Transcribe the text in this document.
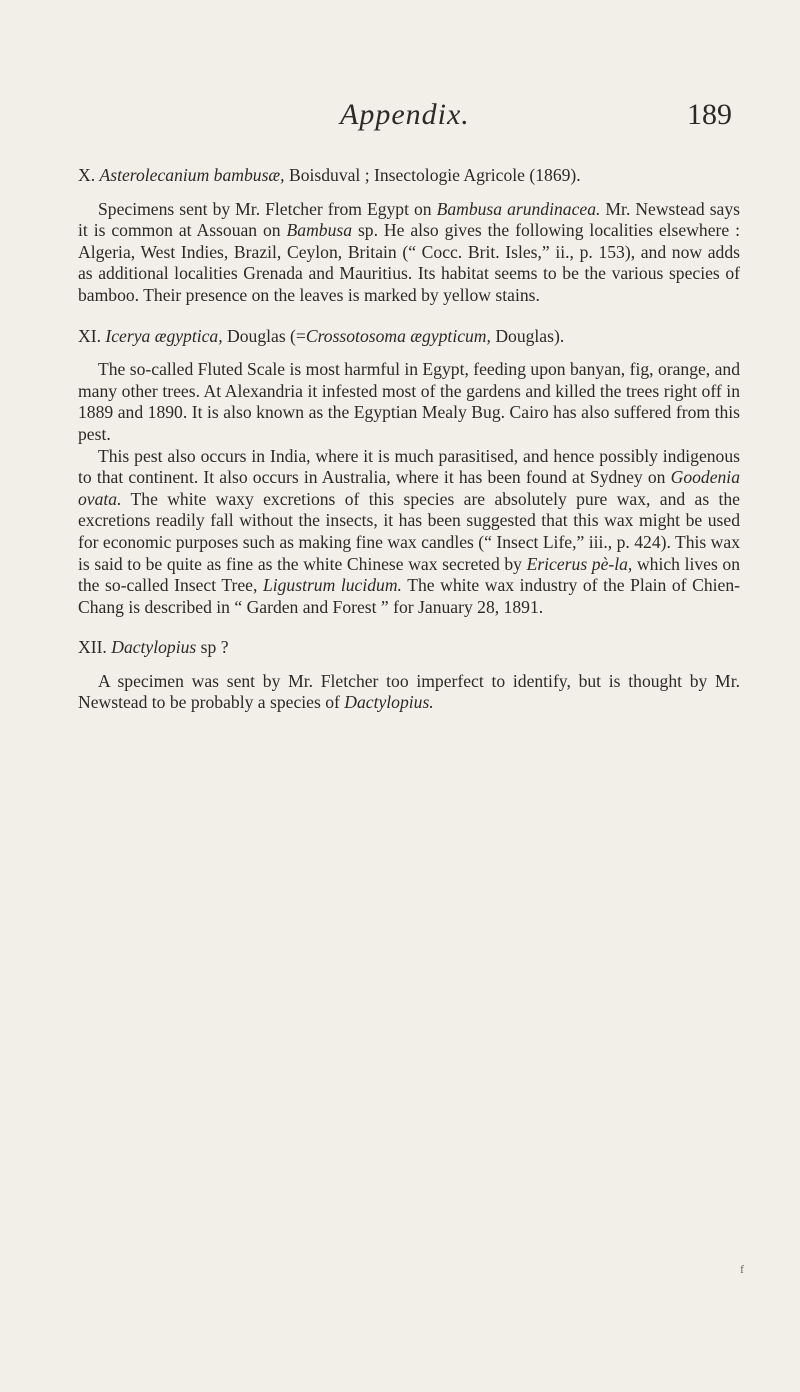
Appendix.	189

X. Asterolecanium bambusæ, Boisduval ; Insectologie Agricole (1869).

Specimens sent by Mr. Fletcher from Egypt on Bambusa arundinacea. Mr. Newstead says it is common at Assouan on Bambusa sp. He also gives the following localities elsewhere : Algeria, West Indies, Brazil, Ceylon, Britain (“ Cocc. Brit. Isles,” ii., p. 153), and now adds as additional localities Grenada and Mauritius. Its habitat seems to be the various species of bamboo. Their presence on the leaves is marked by yellow stains.

XI. Icerya ægyptica, Douglas (=Crossotosoma ægypticum, Douglas).

The so-called Fluted Scale is most harmful in Egypt, feeding upon banyan, fig, orange, and many other trees. At Alexandria it infested most of the gardens and killed the trees right off in 1889 and 1890. It is also known as the Egyptian Mealy Bug. Cairo has also suffered from this pest.

This pest also occurs in India, where it is much parasitised, and hence possibly indigenous to that continent. It also occurs in Australia, where it has been found at Sydney on Goodenia ovata. The white waxy excretions of this species are absolutely pure wax, and as the excretions readily fall without the insects, it has been suggested that this wax might be used for economic purposes such as making fine wax candles (“ Insect Life,” iii., p. 424). This wax is said to be quite as fine as the white Chinese wax secreted by Ericerus pè-la, which lives on the so-called Insect Tree, Ligustrum lucidum. The white wax industry of the Plain of Chien-Chang is described in “ Garden and Forest ” for January 28, 1891.

XII. Dactylopius sp ?

A specimen was sent by Mr. Fletcher too imperfect to identify, but is thought by Mr. Newstead to be probably a species of Dactylopius.

f
